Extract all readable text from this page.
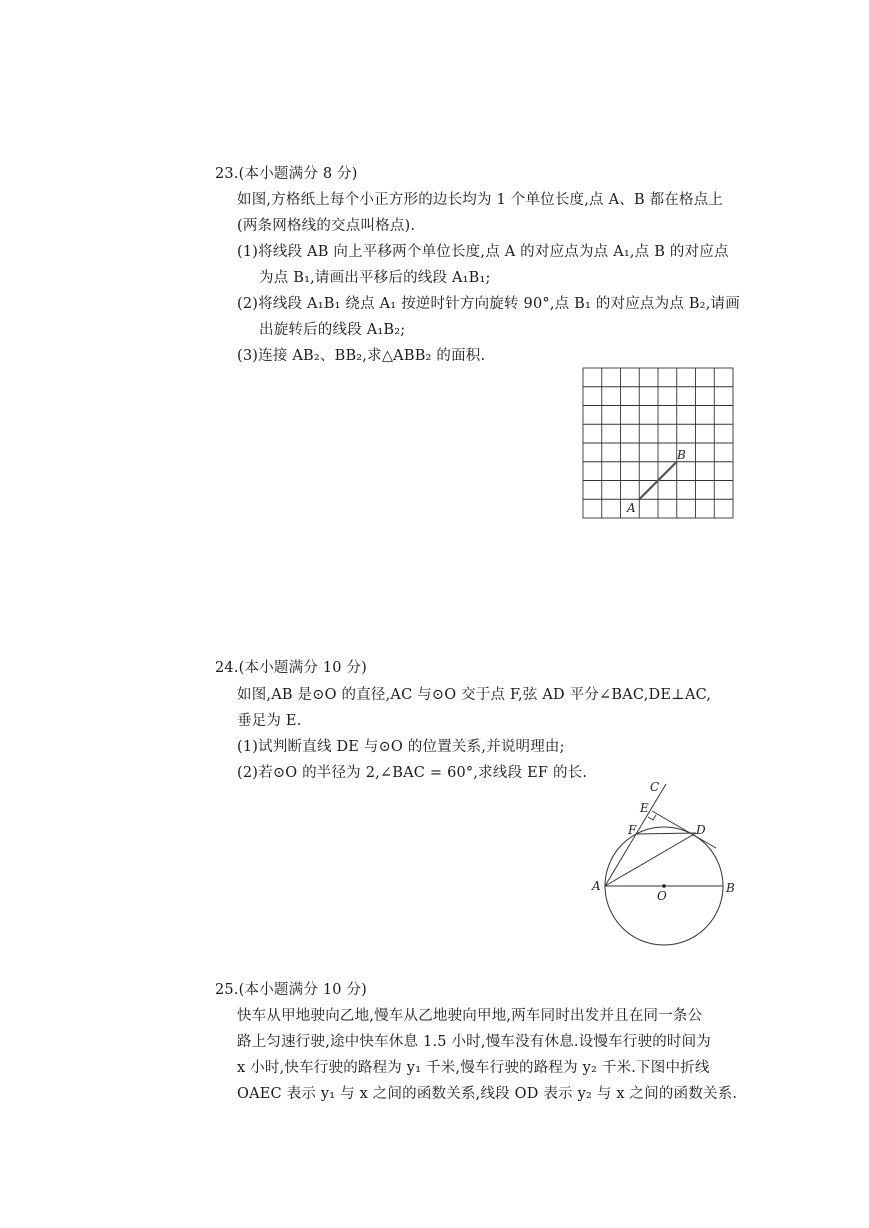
23.(本小题满分 8 分)
如图,方格纸上每个小正方形的边长均为 1 个单位长度,点 A、B 都在格点上
(两条网格线的交点叫格点).
(1)将线段 AB 向上平移两个单位长度,点 A 的对应点为点 A₁,点 B 的对应点
为点 B₁,请画出平移后的线段 A₁B₁;
(2)将线段 A₁B₁ 绕点 A₁ 按逆时针方向旋转 90°,点 B₁ 的对应点为点 B₂,请画
出旋转后的线段 A₁B₂;
(3)连接 AB₂、BB₂,求△ABB₂ 的面积.
A
B
24.(本小题满分 10 分)
如图,AB 是⊙O 的直径,AC 与⊙O 交于点 F,弦 AD 平分∠BAC,DE⊥AC,
垂足为 E.
(1)试判断直线 DE 与⊙O 的位置关系,并说明理由;
(2)若⊙O 的半径为 2,∠BAC = 60°,求线段 EF 的长.
C
E
F	D
A
O
B
25.(本小题满分 10 分)
快车从甲地驶向乙地,慢车从乙地驶向甲地,两车同时出发并且在同一条公
路上匀速行驶,途中快车休息 1.5 小时,慢车没有休息.设慢车行驶的时间为
x 小时,快车行驶的路程为 y₁ 千米,慢车行驶的路程为 y₂ 千米.下图中折线
OAEC 表示 y₁ 与 x 之间的函数关系,线段 OD 表示 y₂ 与 x 之间的函数关系.
